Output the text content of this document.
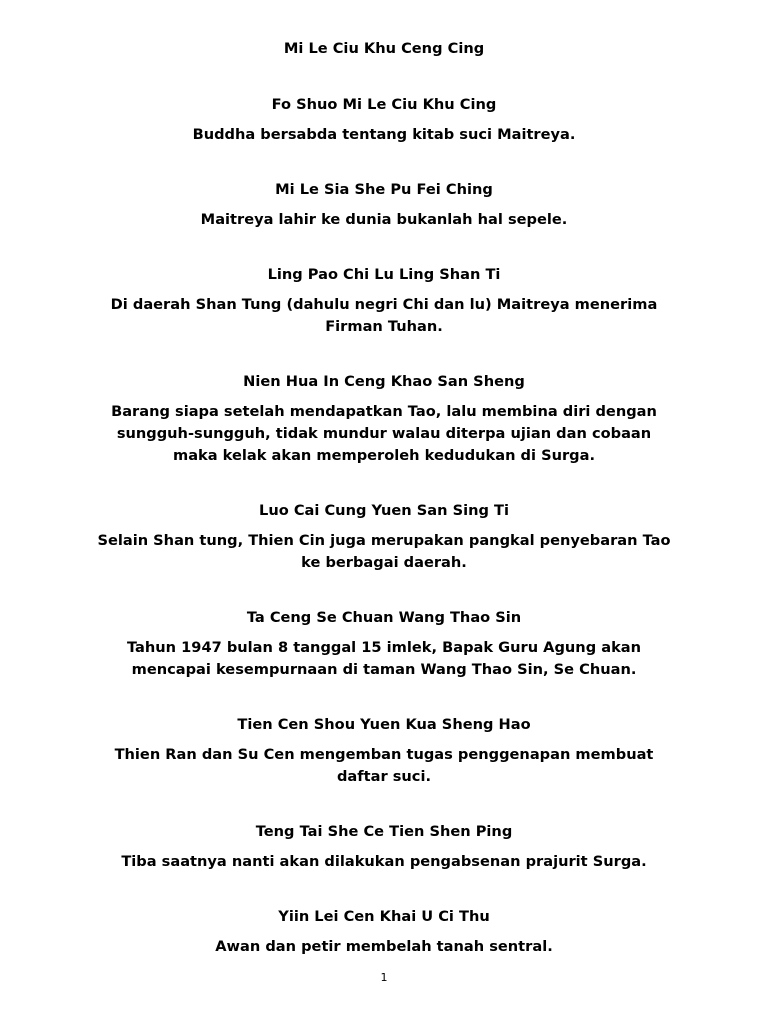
Mi Le Ciu Khu Ceng Cing
Fo Shuo Mi Le Ciu Khu Cing
Buddha bersabda tentang kitab suci Maitreya.
Mi Le Sia She Pu Fei Ching
Maitreya lahir ke dunia bukanlah hal sepele.
Ling Pao Chi Lu Ling Shan Ti
Di daerah Shan Tung (dahulu negri Chi dan lu) Maitreya menerima Firman Tuhan.
Nien Hua In Ceng Khao San Sheng
Barang siapa setelah mendapatkan Tao, lalu membina diri dengan sungguh-sungguh, tidak mundur walau diterpa ujian dan cobaan maka kelak akan memperoleh kedudukan di Surga.
Luo Cai Cung Yuen San Sing Ti
Selain Shan tung, Thien Cin juga merupakan pangkal penyebaran Tao ke berbagai daerah.
Ta Ceng Se Chuan Wang Thao Sin
Tahun 1947 bulan 8 tanggal 15 imlek, Bapak Guru Agung akan mencapai kesempurnaan di taman Wang Thao Sin, Se Chuan.
Tien Cen Shou Yuen Kua Sheng Hao
Thien Ran dan Su Cen mengemban tugas penggenapan membuat daftar suci.
Teng Tai She Ce Tien Shen Ping
Tiba saatnya nanti akan dilakukan pengabsenan prajurit Surga.
Yiin Lei Cen Khai U Ci Thu
Awan dan petir membelah tanah sentral.
1
